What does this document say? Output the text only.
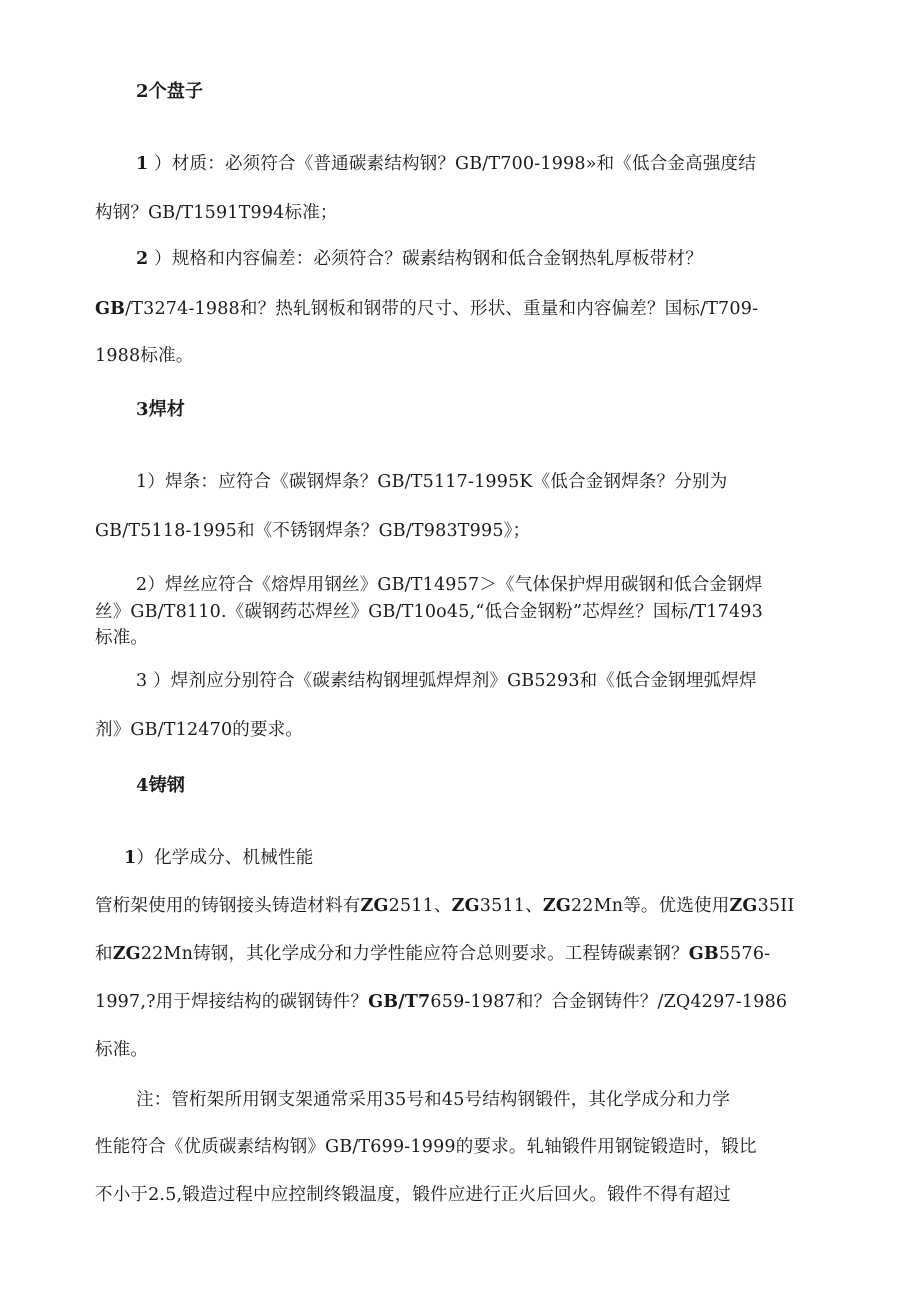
2个盘子
1 ）材质：必须符合《普通碳素结构钢？GB/T700-1998»和《低合金高强度结
构钢？GB/T1591T994标准；
2 ）规格和内容偏差：必须符合？碳素结构钢和低合金钢热轧厚板带材？
GB/T3274-1988和？热轧钢板和钢带的尺寸、形状、重量和内容偏差？国标/T709-
1988标准。
3焊材
1）焊条：应符合《碳钢焊条？GB/T5117-1995K《低合金钢焊条？分别为
GB/T5118-1995和《不锈钢焊条？GB/T983T995》；
2）焊丝应符合《熔焊用钢丝》GB/T14957＞《气体保护焊用碳钢和低合金钢焊
丝》GB/T8110.《碳钢药芯焊丝》GB/T10o45,“低合金钢粉”芯焊丝？国标/T17493
标准。
3 ）焊剂应分别符合《碳素结构钢埋弧焊焊剂》GB5293和《低合金钢埋弧焊焊
剂》GB/T12470的要求。
4铸钢
1）化学成分、机械性能
管桁架使用的铸钢接头铸造材料有ZG2511、ZG3511、ZG22Mn等。优选使用ZG35II
和ZG22Mn铸钢，其化学成分和力学性能应符合总则要求。工程铸碳素钢？GB5576-
1997,?用于焊接结构的碳钢铸件？GB/T7659-1987和？合金钢铸件？/ZQ4297-1986
标准。
注：管桁架所用钢支架通常采用35号和45号结构钢锻件，其化学成分和力学
性能符合《优质碳素结构钢》GB/T699-1999的要求。轧轴锻件用钢锭锻造时，锻比
不小于2.5,锻造过程中应控制终锻温度，锻件应进行正火后回火。锻件不得有超过
